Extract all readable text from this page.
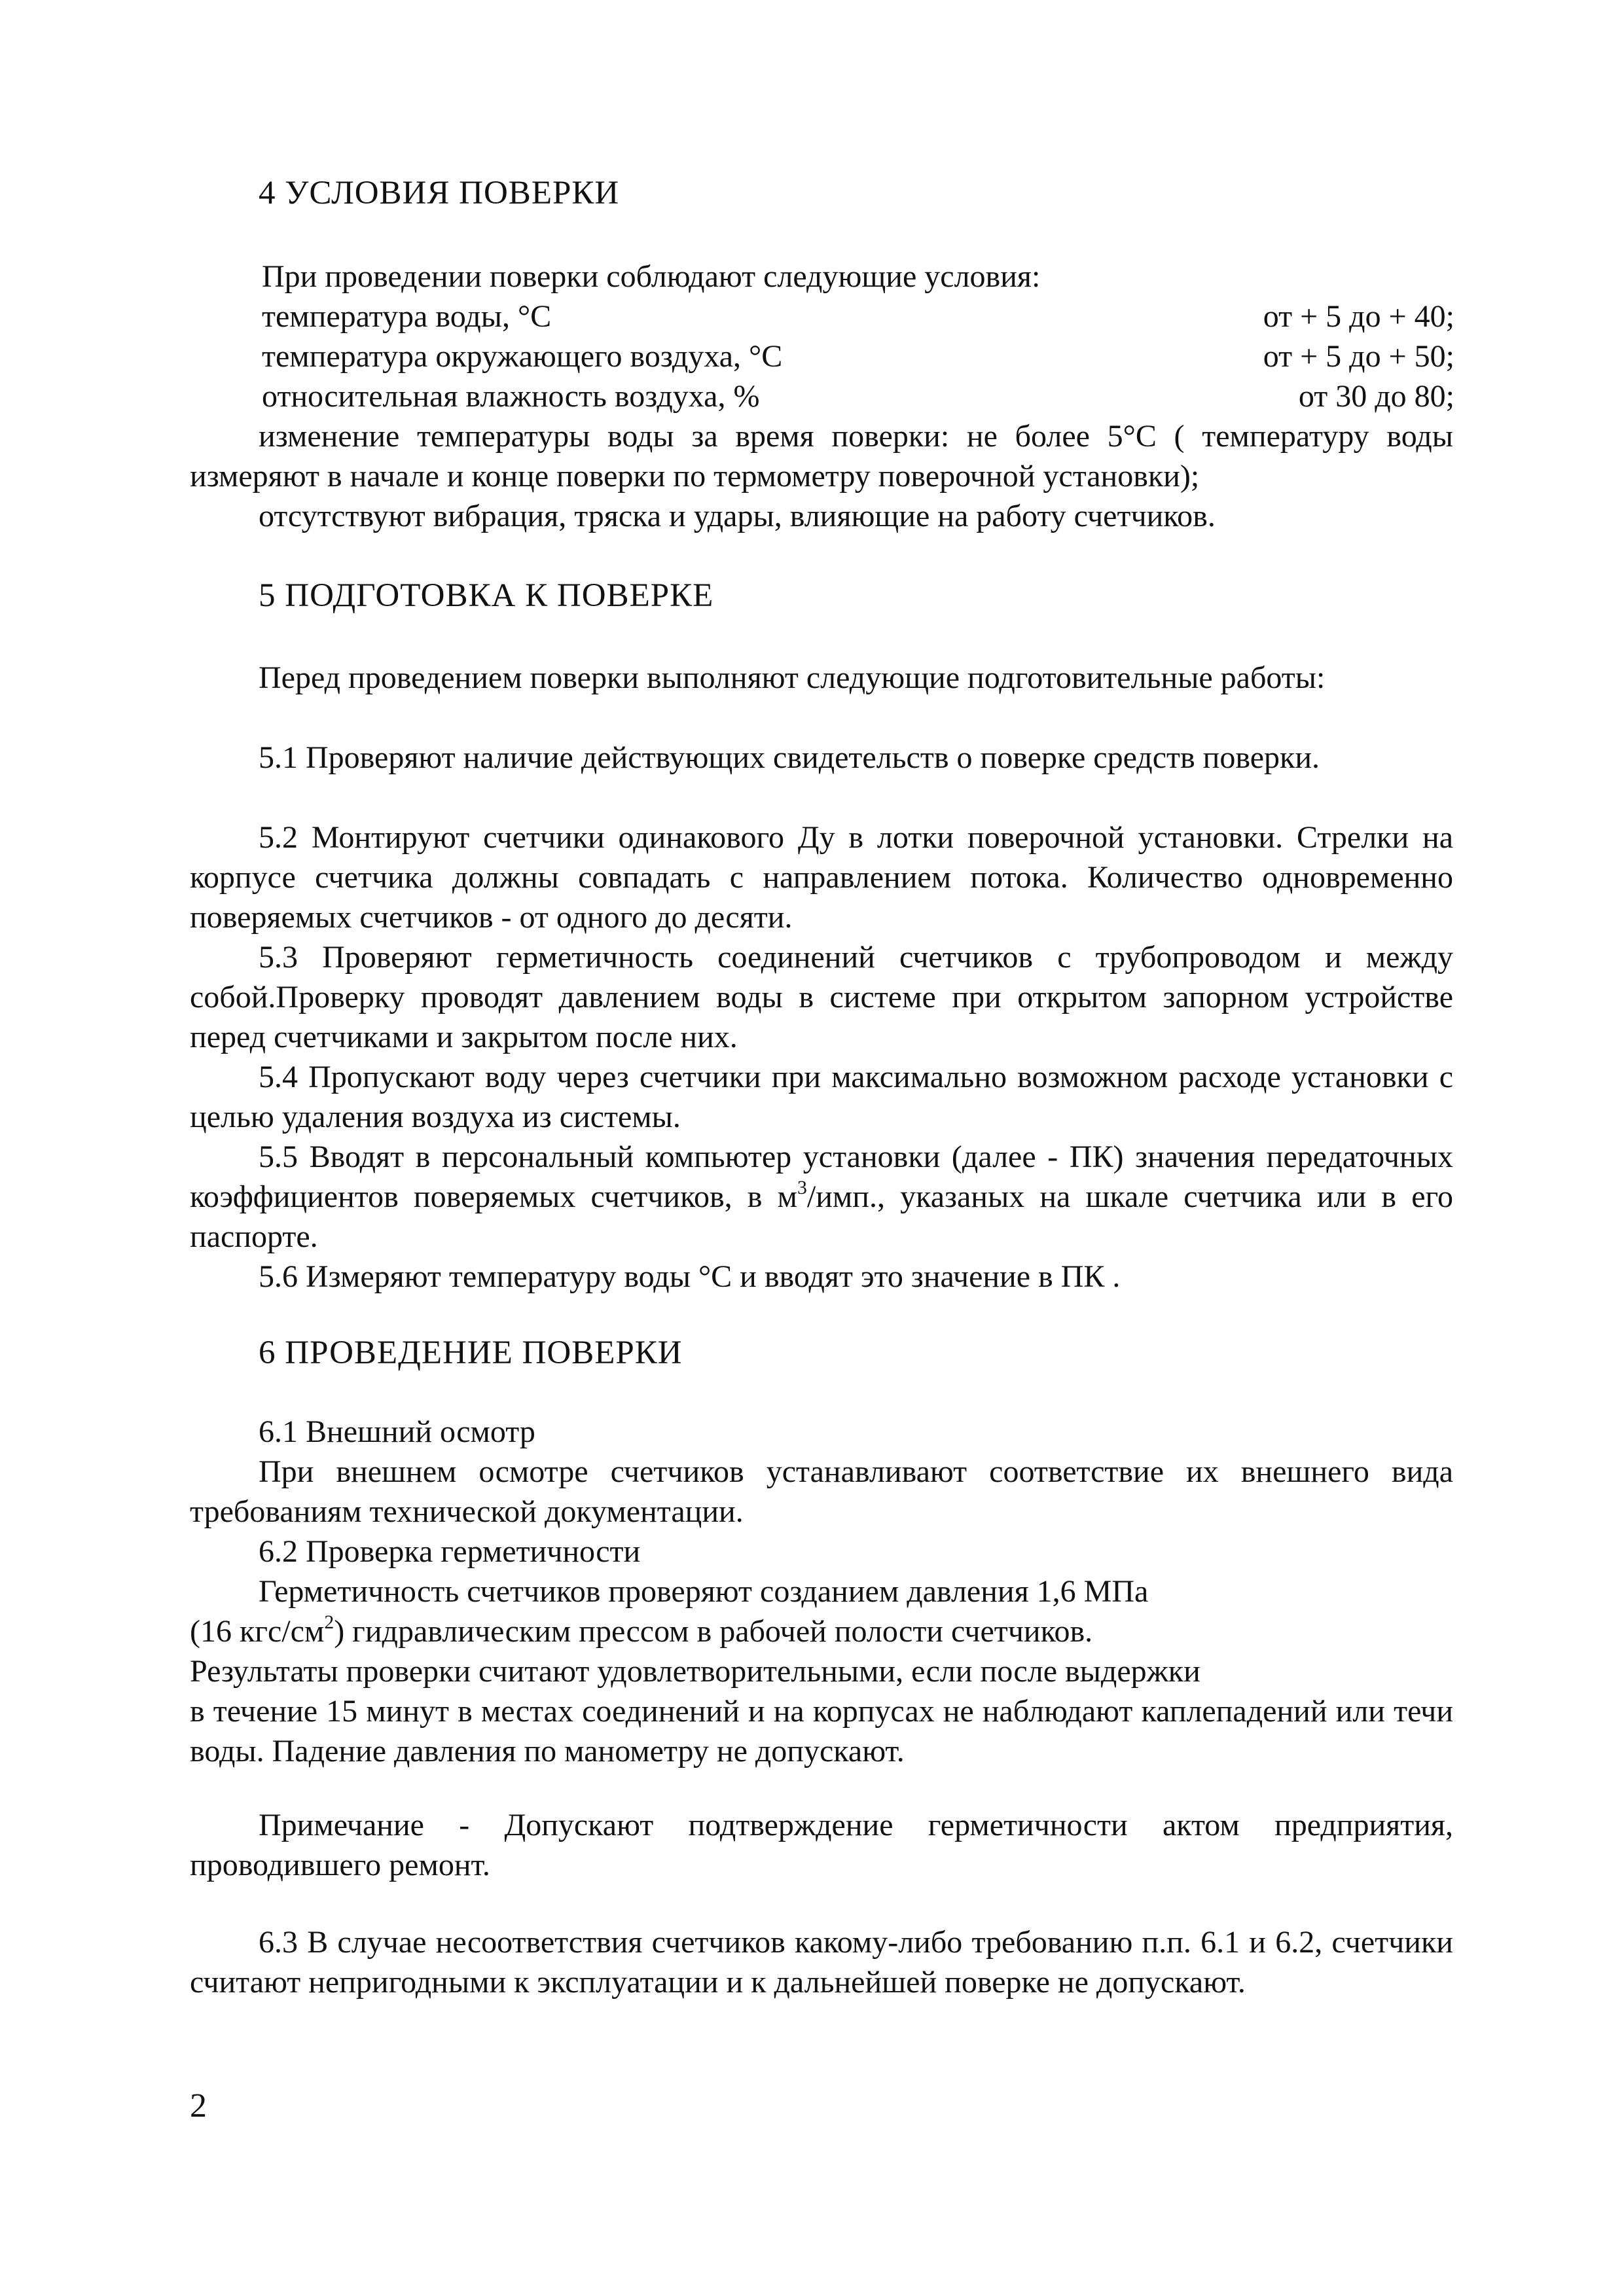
4 УСЛОВИЯ ПОВЕРКИ
При проведении поверки соблюдают следующие условия:
температура воды, °С	от + 5 до + 40;
температура окружающего воздуха, °С	от + 5 до + 50;
относительная влажность воздуха, %	от 30 до 80;
изменение температуры воды за время поверки: не более 5°С ( температуру воды измеряют в начале и конце поверки по термометру поверочной установки);
отсутствуют вибрация, тряска и удары, влияющие на работу счетчиков.
5 ПОДГОТОВКА К ПОВЕРКЕ
Перед проведением поверки выполняют следующие подготовительные работы:
5.1 Проверяют наличие действующих свидетельств о поверке средств поверки.
5.2 Монтируют счетчики одинакового Ду в лотки поверочной установки. Стрелки на корпусе счетчика должны совпадать с направлением потока. Количество одновременно поверяемых счетчиков - от одного до десяти.
5.3 Проверяют герметичность соединений счетчиков с трубопроводом и между собой.Проверку проводят давлением воды в системе при открытом запорном устройстве перед счетчиками и закрытом после них.
5.4 Пропускают воду через счетчики при максимально возможном расходе установки с целью удаления воздуха из системы.
5.5 Вводят в персональный компьютер установки (далее - ПК) значения передаточных коэффициентов поверяемых счетчиков, в $м^3$/имп., указаных на шкале счетчика или в его паспорте.
5.6 Измеряют температуру воды °С и вводят это значение в ПК .
6 ПРОВЕДЕНИЕ ПОВЕРКИ
6.1 Внешний осмотр
При внешнем осмотре счетчиков устанавливают соответствие их внешнего вида требованиям технической документации.
6.2 Проверка герметичности
Герметичность счетчиков проверяют созданием давления 1,6 МПа
(16 кгс/$см^2$) гидравлическим прессом в рабочей полости счетчиков.
Результаты проверки считают удовлетворительными, если после выдержки
в течение 15 минут в местах соединений и на корпусах не наблюдают каплепадений или течи воды. Падение давления по манометру не допускают.
Примечание - Допускают подтверждение герметичности актом предприятия, проводившего ремонт.
6.3 В случае несоответствия счетчиков какому-либо требованию п.п. 6.1 и 6.2, счетчики считают непригодными к эксплуатации и к дальнейшей поверке не допускают.
2
